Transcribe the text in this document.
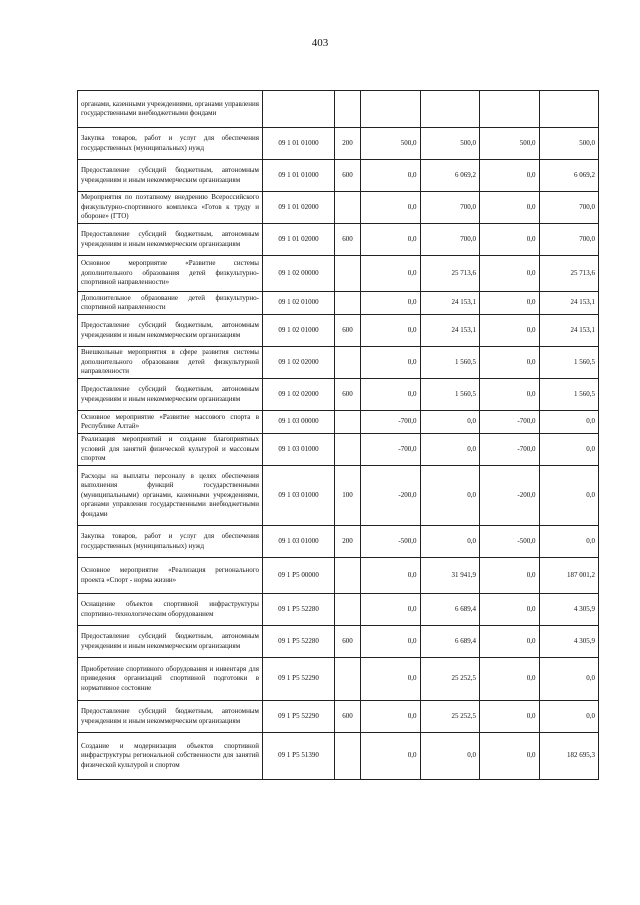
403
органами, казенными учреждениями, органами управления государственными внебюджетными фондами						
Закупка товаров, работ и услуг для обеспечения государственных (муниципальных) нужд	09 1 01 01000	200	500,0	500,0	500,0	500,0
Предоставление субсидий бюджетным, автономным учреждениям и иным некоммерческим организациям	09 1 01 01000	600	0,0	6 069,2	0,0	6 069,2
Мероприятия по поэтапному внедрению Всероссийского физкультурно-спортивного комплекса «Готов к труду и обороне» (ГТО)	09 1 01 02000		0,0	700,0	0,0	700,0
Предоставление субсидий бюджетным, автономным учреждениям и иным некоммерческим организациям	09 1 01 02000	600	0,0	700,0	0,0	700,0
Основное мероприятие «Развитие системы дополнительного образования детей физкультурно-спортивной направленности»	09 1 02 00000		0,0	25 713,6	0,0	25 713,6
Дополнительное образование детей физкультурно-спортивной направленности	09 1 02 01000		0,0	24 153,1	0,0	24 153,1
Предоставление субсидий бюджетным, автономным учреждениям и иным некоммерческим организациям	09 1 02 01000	600	0,0	24 153,1	0,0	24 153,1
Внешкольные мероприятия в сфере развития системы дополнительного образования детей физкультурной направленности	09 1 02 02000		0,0	1 560,5	0,0	1 560,5
Предоставление субсидий бюджетным, автономным учреждениям и иным некоммерческим организациям	09 1 02 02000	600	0,0	1 560,5	0,0	1 560,5
Основное мероприятие «Развитие массового спорта в Республике Алтай»	09 1 03 00000		-700,0	0,0	-700,0	0,0
Реализация мероприятий и создание благоприятных условий для занятий физической культурой и массовым спортом	09 1 03 01000		-700,0	0,0	-700,0	0,0
Расходы на выплаты персоналу в целях обеспечения выполнения функций государственными (муниципальными) органами, казенными учреждениями, органами управления государственными внебюджетными фондами	09 1 03 01000	100	-200,0	0,0	-200,0	0,0
Закупка товаров, работ и услуг для обеспечения государственных (муниципальных) нужд	09 1 03 01000	200	-500,0	0,0	-500,0	0,0
Основное мероприятие «Реализация регионального проекта «Спорт - норма жизни»	09 1 P5 00000		0,0	31 941,9	0,0	187 001,2
Оснащение объектов спортивной инфраструктуры спортивно-технологическим оборудованием	09 1 P5 52280		0,0	6 689,4	0,0	4 305,9
Предоставление субсидий бюджетным, автономным учреждениям и иным некоммерческим организациям	09 1 P5 52280	600	0,0	6 689,4	0,0	4 305,9
Приобретение спортивного оборудования и инвентаря для приведения организаций спортивной подготовки в нормативное состояние	09 1 P5 52290		0,0	25 252,5	0,0	0,0
Предоставление субсидий бюджетным, автономным учреждениям и иным некоммерческим организациям	09 1 P5 52290	600	0,0	25 252,5	0,0	0,0
Создание и модернизация объектов спортивной инфраструктуры региональной собственности для занятий физической культурой и спортом	09 1 P5 51390		0,0	0,0	0,0	182 695,3
